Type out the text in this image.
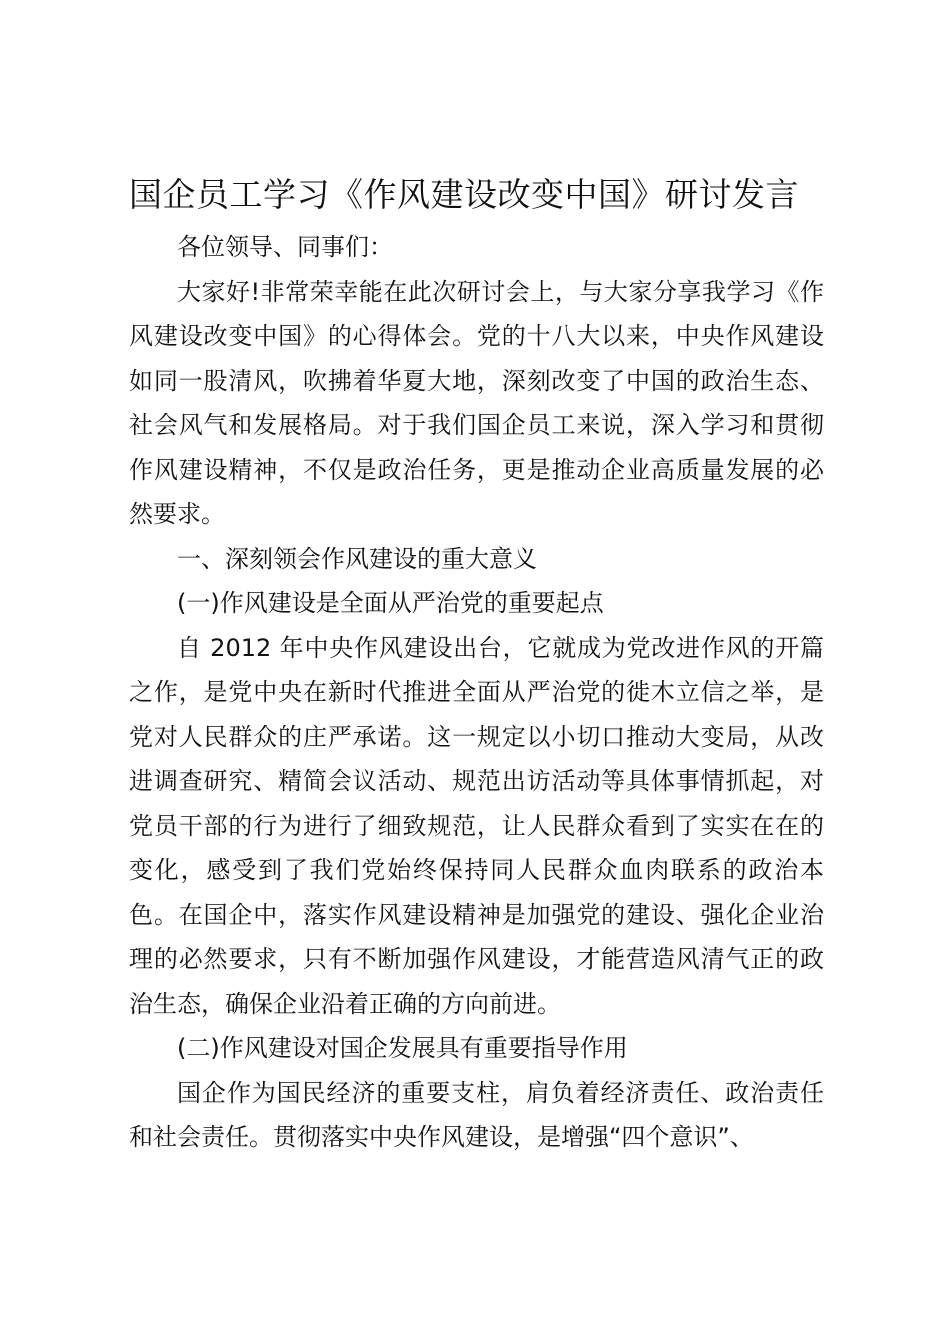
国企员工学习《作风建设改变中国》研讨发言

各位领导、同事们：

大家好!非常荣幸能在此次研讨会上，与大家分享我学习《作风建设改变中国》的心得体会。党的十八大以来，中央作风建设如同一股清风，吹拂着华夏大地，深刻改变了中国的政治生态、社会风气和发展格局。对于我们国企员工来说，深入学习和贯彻作风建设精神，不仅是政治任务，更是推动企业高质量发展的必然要求。

一、深刻领会作风建设的重大意义

(一)作风建设是全面从严治党的重要起点

自 2012 年中央作风建设出台，它就成为党改进作风的开篇之作，是党中央在新时代推进全面从严治党的徙木立信之举，是党对人民群众的庄严承诺。这一规定以小切口推动大变局，从改进调查研究、精简会议活动、规范出访活动等具体事情抓起，对党员干部的行为进行了细致规范，让人民群众看到了实实在在的变化，感受到了我们党始终保持同人民群众血肉联系的政治本色。在国企中，落实作风建设精神是加强党的建设、强化企业治理的必然要求，只有不断加强作风建设，才能营造风清气正的政治生态，确保企业沿着正确的方向前进。

(二)作风建设对国企发展具有重要指导作用

国企作为国民经济的重要支柱，肩负着经济责任、政治责任和社会责任。贯彻落实中央作风建设，是增强“四个意识”、
